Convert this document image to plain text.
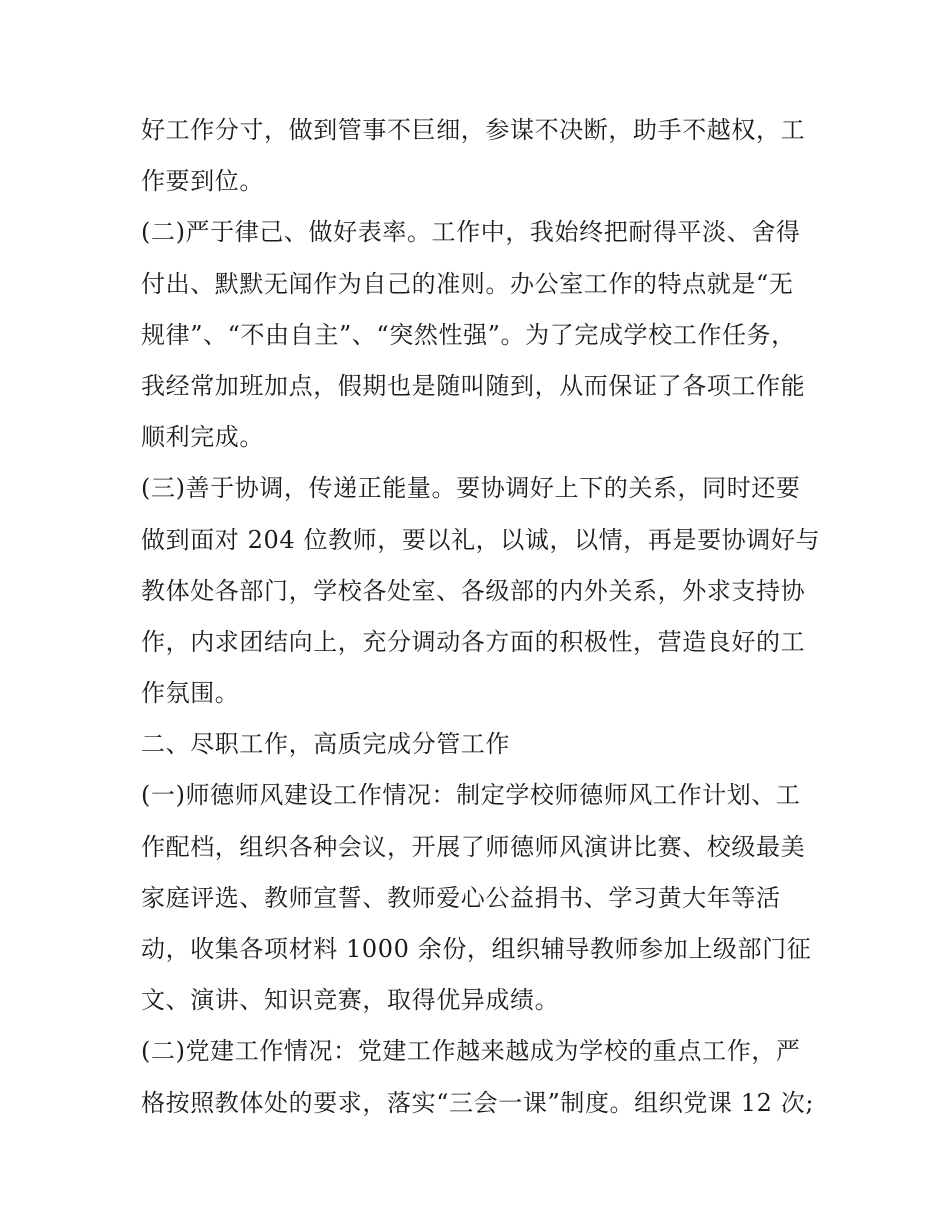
好工作分寸，做到管事不巨细，参谋不决断，助手不越权，工
作要到位。
(二)严于律己、做好表率。工作中，我始终把耐得平淡、舍得
付出、默默无闻作为自己的准则。办公室工作的特点就是“无
规律”、“不由自主”、“突然性强”。为了完成学校工作任务，
我经常加班加点，假期也是随叫随到，从而保证了各项工作能
顺利完成。
(三)善于协调，传递正能量。要协调好上下的关系，同时还要
做到面对 204 位教师，要以礼，以诚，以情，再是要协调好与
教体处各部门，学校各处室、各级部的内外关系，外求支持协
作，内求团结向上，充分调动各方面的积极性，营造良好的工
作氛围。
二、尽职工作，高质完成分管工作
(一)师德师风建设工作情况：制定学校师德师风工作计划、工
作配档，组织各种会议，开展了师德师风演讲比赛、校级最美
家庭评选、教师宣誓、教师爱心公益捐书、学习黄大年等活
动，收集各项材料 1000 余份，组织辅导教师参加上级部门征
文、演讲、知识竞赛，取得优异成绩。
(二)党建工作情况：党建工作越来越成为学校的重点工作，严
格按照教体处的要求，落实“三会一课”制度。组织党课 12 次;
